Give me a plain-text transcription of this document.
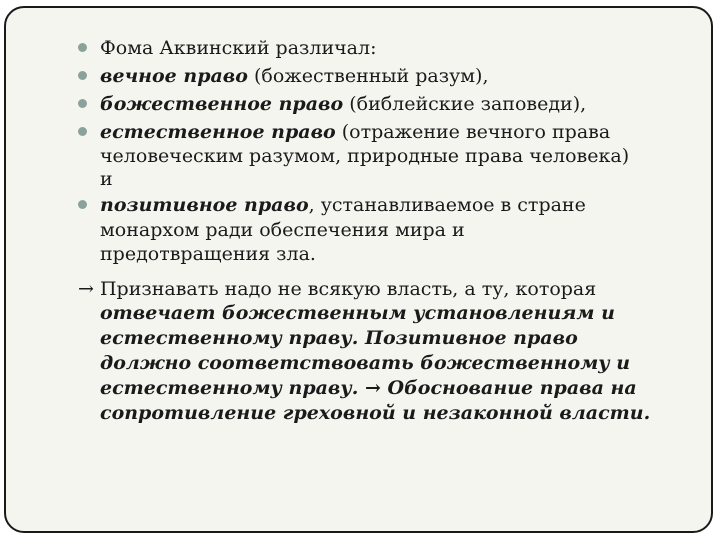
Фома Аквинский различал:
вечное право (божественный разум),
божественное право (библейские заповеди),
естественное право (отражение вечного права
человеческим разумом, природные права человека)
и
позитивное право, устанавливаемое в стране
монархом ради обеспечения мира и
предотвращения зла.
→ Признавать надо не всякую власть, а ту, которая
отвечает божественным установлениям и
естественному праву. Позитивное право
должно соответствовать божественному и
естественному праву. → Обоснование права на
сопротивление греховной и незаконной власти.
